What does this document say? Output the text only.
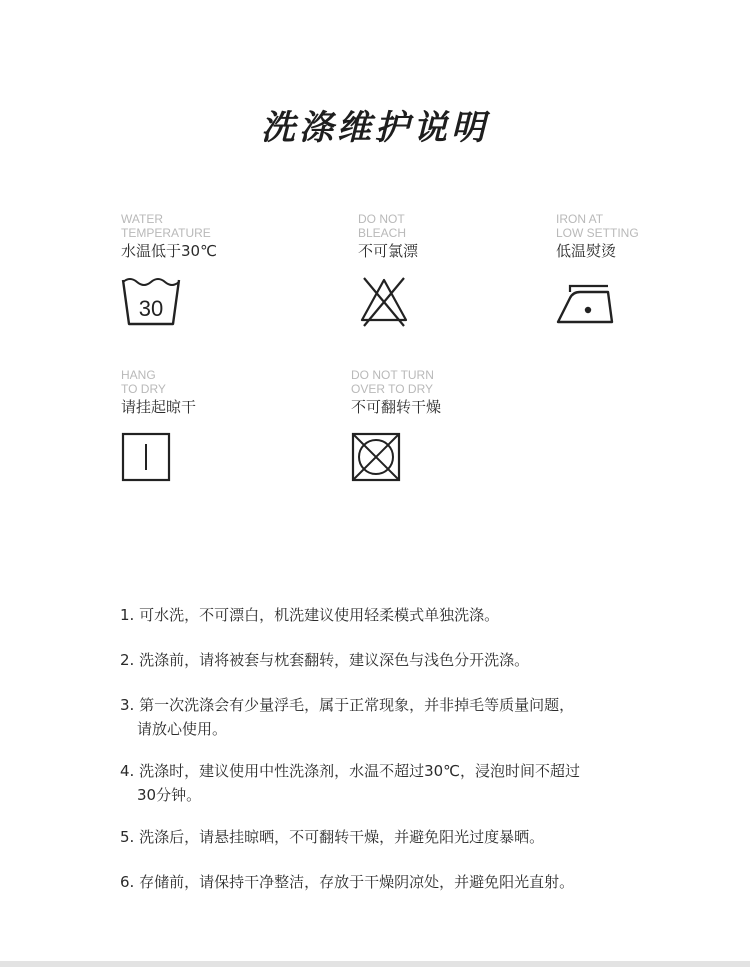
洗涤维护说明
WATER
TEMPERATURE
水温低于30℃
30
DO NOT
BLEACH
不可氯漂
IRON AT
LOW SETTING
低温熨烫
HANG
TO DRY
请挂起晾干
DO NOT TURN
OVER TO DRY
不可翻转干燥
1. 可水洗，不可漂白，机洗建议使用轻柔模式单独洗涤。
2. 洗涤前，请将被套与枕套翻转，建议深色与浅色分开洗涤。
3. 第一次洗涤会有少量浮毛，属于正常现象，并非掉毛等质量问题，
请放心使用。
4. 洗涤时，建议使用中性洗涤剂，水温不超过30℃，浸泡时间不超过
30分钟。
5. 洗涤后，请悬挂晾晒，不可翻转干燥，并避免阳光过度暴晒。
6. 存储前，请保持干净整洁，存放于干燥阴凉处，并避免阳光直射。
